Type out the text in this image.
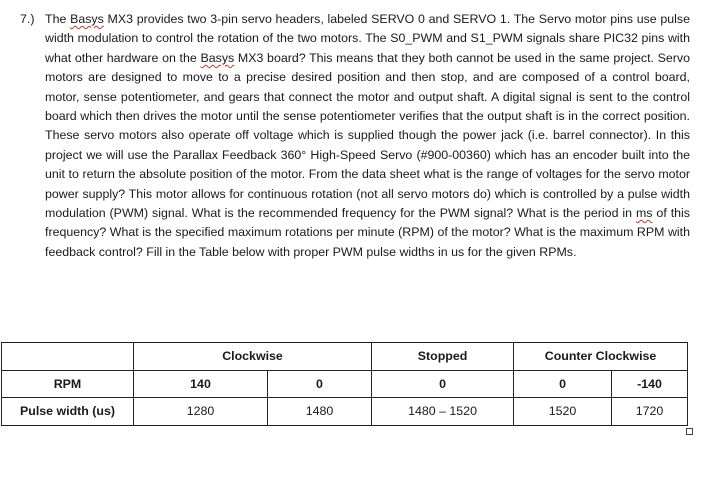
7.) The Basys MX3 provides two 3-pin servo headers, labeled SERVO 0 and SERVO 1. The Servo motor pins use pulse width modulation to control the rotation of the two motors. The S0_PWM and S1_PWM signals share PIC32 pins with what other hardware on the Basys MX3 board? This means that they both cannot be used in the same project. Servo motors are designed to move to a precise desired position and then stop, and are composed of a control board, motor, sense potentiometer, and gears that connect the motor and output shaft. A digital signal is sent to the control board which then drives the motor until the sense potentiometer verifies that the output shaft is in the correct position. These servo motors also operate off voltage which is supplied though the power jack (i.e. barrel connector). In this project we will use the Parallax Feedback 360° High-Speed Servo (#900-00360) which has an encoder built into the unit to return the absolute position of the motor. From the data sheet what is the range of voltages for the servo motor power supply? This motor allows for continuous rotation (not all servo motors do) which is controlled by a pulse width modulation (PWM) signal. What is the recommended frequency for the PWM signal? What is the period in ms of this frequency? What is the specified maximum rotations per minute (RPM) of the motor? What is the maximum RPM with feedback control? Fill in the Table below with proper PWM pulse widths in us for the given RPMs.
	Clockwise		Stopped	Counter Clockwise	
RPM	140	0	0	0	-140
Pulse width (us)	1280	1480	1480 – 1520	1520	1720
